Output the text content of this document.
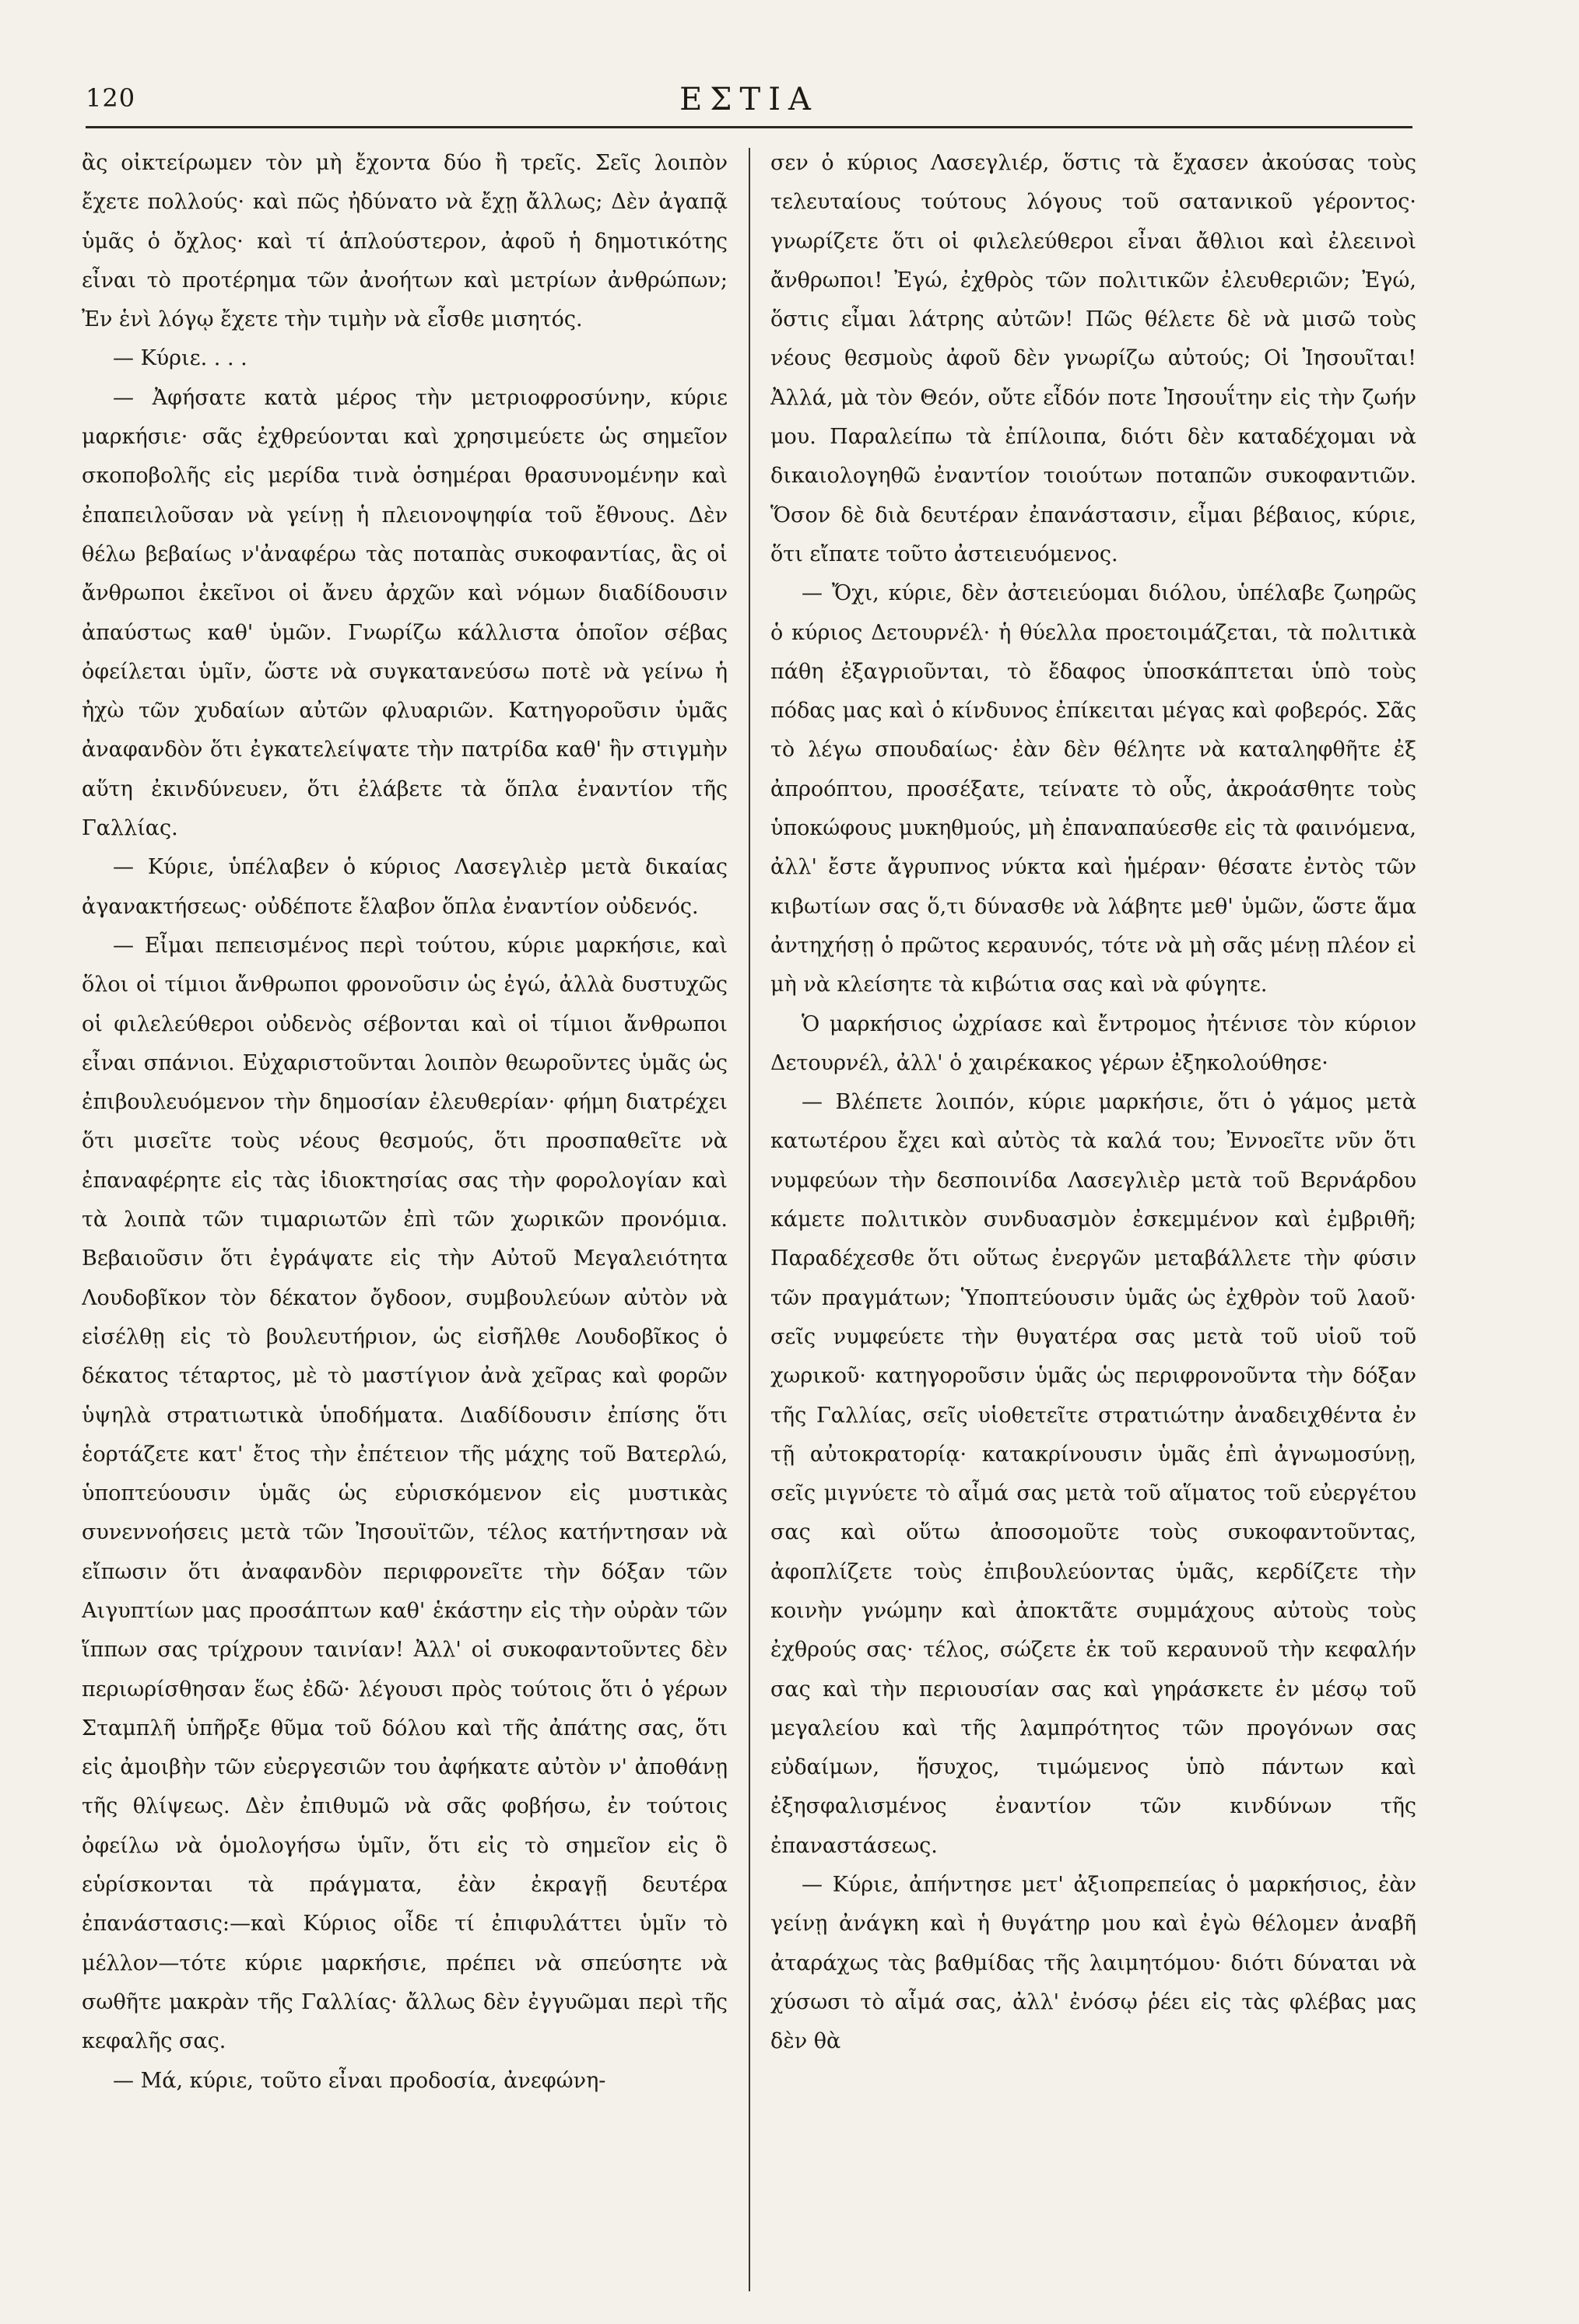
120	ΕΣΤΙΑ

ἂς οἰκτείρωμεν τὸν μὴ ἔχοντα δύο ἢ τρεῖς. Σεῖς λοιπὸν ἔχετε πολλούς· καὶ πῶς ἠδύνατο νὰ ἔχῃ ἄλλως; Δὲν ἀγαπᾷ ὑμᾶς ὁ ὄχλος· καὶ τί ἁπλούστερον, ἀφοῦ ἡ δημοτικότης εἶναι τὸ προτέρημα τῶν ἀνοήτων καὶ μετρίων ἀνθρώπων; Ἐν ἑνὶ λόγῳ ἔχετε τὴν τιμὴν νὰ εἶσθε μισητός.

— Κύριε. . . .

— Ἀφήσατε κατὰ μέρος τὴν μετριοφροσύνην, κύριε μαρκήσιε· σᾶς ἐχθρεύονται καὶ χρησιμεύετε ὡς σημεῖον σκοποβολῆς εἰς μερίδα τινὰ ὁσημέραι θρασυνομένην καὶ ἐπαπειλοῦσαν νὰ γείνῃ ἡ πλειονοψηφία τοῦ ἔθνους. Δὲν θέλω βεβαίως ν'ἀναφέρω τὰς ποταπὰς συκοφαντίας, ἃς οἱ ἄνθρωποι ἐκεῖνοι οἱ ἄνευ ἀρχῶν καὶ νόμων διαδίδουσιν ἀπαύστως καθ' ὑμῶν. Γνωρίζω κάλλιστα ὁποῖον σέβας ὀφείλεται ὑμῖν, ὥστε νὰ συγκατανεύσω ποτὲ νὰ γείνω ἡ ἠχὼ τῶν χυδαίων αὐτῶν φλυαριῶν. Κατηγοροῦσιν ὑμᾶς ἀναφανδὸν ὅτι ἐγκατελείψατε τὴν πατρίδα καθ' ἣν στιγμὴν αὕτη ἐκινδύνευεν, ὅτι ἐλάβετε τὰ ὅπλα ἐναντίον τῆς Γαλλίας.

— Κύριε, ὑπέλαβεν ὁ κύριος Λασεγλιὲρ μετὰ δικαίας ἀγανακτήσεως· οὐδέποτε ἔλαβον ὅπλα ἐναντίον οὐδενός.

— Εἶμαι πεπεισμένος περὶ τούτου, κύριε μαρκήσιε, καὶ ὅλοι οἱ τίμιοι ἄνθρωποι φρονοῦσιν ὡς ἐγώ, ἀλλὰ δυστυχῶς οἱ φιλελεύθεροι οὐδενὸς σέβονται καὶ οἱ τίμιοι ἄνθρωποι εἶναι σπάνιοι. Εὐχαριστοῦνται λοιπὸν θεωροῦντες ὑμᾶς ὡς ἐπιβουλευόμενον τὴν δημοσίαν ἐλευθερίαν· φήμη διατρέχει ὅτι μισεῖτε τοὺς νέους θεσμούς, ὅτι προσπαθεῖτε νὰ ἐπαναφέρητε εἰς τὰς ἰδιοκτησίας σας τὴν φορολογίαν καὶ τὰ λοιπὰ τῶν τιμαριωτῶν ἐπὶ τῶν χωρικῶν προνόμια. Βεβαιοῦσιν ὅτι ἐγράψατε εἰς τὴν Αὐτοῦ Μεγαλειότητα Λουδοβῖκον τὸν δέκατον ὄγδοον, συμβουλεύων αὐτὸν νὰ εἰσέλθῃ εἰς τὸ βουλευτήριον, ὡς εἰσῆλθε Λουδοβῖκος ὁ δέκατος τέταρτος, μὲ τὸ μαστίγιον ἀνὰ χεῖρας καὶ φορῶν ὑψηλὰ στρατιωτικὰ ὑποδήματα. Διαδίδουσιν ἐπίσης ὅτι ἑορτάζετε κατ' ἔτος τὴν ἐπέτειον τῆς μάχης τοῦ Βατερλώ, ὑποπτεύουσιν ὑμᾶς ὡς εὑρισκόμενον εἰς μυστικὰς συνεννοήσεις μετὰ τῶν Ἰησουϊτῶν, τέλος κατήντησαν νὰ εἴπωσιν ὅτι ἀναφανδὸν περιφρονεῖτε τὴν δόξαν τῶν Αιγυπτίων μας προσάπτων καθ' ἑκάστην εἰς τὴν οὐρὰν τῶν ἵππων σας τρίχρουν ταινίαν! Ἀλλ' οἱ συκοφαντοῦντες δὲν περιωρίσθησαν ἕως ἐδῶ· λέγουσι πρὸς τούτοις ὅτι ὁ γέρων Σταμπλῆ ὑπῆρξε θῦμα τοῦ δόλου καὶ τῆς ἀπάτης σας, ὅτι εἰς ἀμοιβὴν τῶν εὐεργεσιῶν του ἀφήκατε αὐτὸν ν' ἀποθάνῃ τῆς θλίψεως. Δὲν ἐπιθυμῶ νὰ σᾶς φοβήσω, ἐν τούτοις ὀφείλω νὰ ὁμολογήσω ὑμῖν, ὅτι εἰς τὸ σημεῖον εἰς ὃ εὑρίσκονται τὰ πράγματα, ἐὰν ἐκραγῇ δευτέρα ἐπανάστασις:—καὶ Κύριος οἶδε τί ἐπιφυλάττει ὑμῖν τὸ μέλλον—τότε κύριε μαρκήσιε, πρέπει νὰ σπεύσητε νὰ σωθῆτε μακρὰν τῆς Γαλλίας· ἄλλως δὲν ἐγγυῶμαι περὶ τῆς κεφαλῆς σας.

— Μά, κύριε, τοῦτο εἶναι προδοσία, ἀνεφώνη-

σεν ὁ κύριος Λασεγλιέρ, ὅστις τὰ ἔχασεν ἀκούσας τοὺς τελευταίους τούτους λόγους τοῦ σατανικοῦ γέροντος· γνωρίζετε ὅτι οἱ φιλελεύθεροι εἶναι ἄθλιοι καὶ ἐλεεινοὶ ἄνθρωποι! Ἐγώ, ἐχθρὸς τῶν πολιτικῶν ἐλευθεριῶν; Ἐγώ, ὅστις εἶμαι λάτρης αὐτῶν! Πῶς θέλετε δὲ νὰ μισῶ τοὺς νέους θεσμοὺς ἀφοῦ δὲν γνωρίζω αὐτούς; Οἱ Ἰησουῖται! Ἀλλά, μὰ τὸν Θεόν, οὔτε εἶδόν ποτε Ἰησουΐτην εἰς τὴν ζωήν μου. Παραλείπω τὰ ἐπίλοιπα, διότι δὲν καταδέχομαι νὰ δικαιολογηθῶ ἐναντίον τοιούτων ποταπῶν συκοφαντιῶν. Ὅσον δὲ διὰ δευτέραν ἐπανάστασιν, εἶμαι βέβαιος, κύριε, ὅτι εἴπατε τοῦτο ἀστειευόμενος.

— Ὄχι, κύριε, δὲν ἀστειεύομαι διόλου, ὑπέλαβε ζωηρῶς ὁ κύριος Δετουρνέλ· ἡ θύελλα προετοιμάζεται, τὰ πολιτικὰ πάθη ἐξαγριοῦνται, τὸ ἔδαφος ὑποσκάπτεται ὑπὸ τοὺς πόδας μας καὶ ὁ κίνδυνος ἐπίκειται μέγας καὶ φοβερός. Σᾶς τὸ λέγω σπουδαίως· ἐὰν δὲν θέλητε νὰ καταληφθῆτε ἐξ ἀπροόπτου, προσέξατε, τείνατε τὸ οὖς, ἀκροάσθητε τοὺς ὑποκώφους μυκηθμούς, μὴ ἐπαναπαύεσθε εἰς τὰ φαινόμενα, ἀλλ' ἔστε ἄγρυπνος νύκτα καὶ ἡμέραν· θέσατε ἐντὸς τῶν κιβωτίων σας ὅ,τι δύνασθε νὰ λάβητε μεθ' ὑμῶν, ὥστε ἅμα ἀντηχήσῃ ὁ πρῶτος κεραυνός, τότε νὰ μὴ σᾶς μένῃ πλέον εἰ μὴ νὰ κλείσητε τὰ κιβώτια σας καὶ νὰ φύγητε.

Ὁ μαρκήσιος ὠχρίασε καὶ ἔντρομος ἠτένισε τὸν κύριον Δετουρνέλ, ἀλλ' ὁ χαιρέκακος γέρων ἐξηκολούθησε·

— Βλέπετε λοιπόν, κύριε μαρκήσιε, ὅτι ὁ γάμος μετὰ κατωτέρου ἔχει καὶ αὐτὸς τὰ καλά του; Ἐννοεῖτε νῦν ὅτι νυμφεύων τὴν δεσποινίδα Λασεγλιὲρ μετὰ τοῦ Βερνάρδου κάμετε πολιτικὸν συνδυασμὸν ἐσκεμμένον καὶ ἐμβριθῆ; Παραδέχεσθε ὅτι οὕτως ἐνεργῶν μεταβάλλετε τὴν φύσιν τῶν πραγμάτων; Ὑποπτεύουσιν ὑμᾶς ὡς ἐχθρὸν τοῦ λαοῦ· σεῖς νυμφεύετε τὴν θυγατέρα σας μετὰ τοῦ υἱοῦ τοῦ χωρικοῦ· κατηγοροῦσιν ὑμᾶς ὡς περιφρονοῦντα τὴν δόξαν τῆς Γαλλίας, σεῖς υἱοθετεῖτε στρατιώτην ἀναδειχθέντα ἐν τῇ αὐτοκρατορίᾳ· κατακρίνουσιν ὑμᾶς ἐπὶ ἀγνωμοσύνῃ, σεῖς μιγνύετε τὸ αἷμά σας μετὰ τοῦ αἵματος τοῦ εὐεργέτου σας καὶ οὕτω ἀποσομοῦτε τοὺς συκοφαντοῦντας, ἀφοπλίζετε τοὺς ἐπιβουλεύοντας ὑμᾶς, κερδίζετε τὴν κοινὴν γνώμην καὶ ἀποκτᾶτε συμμάχους αὐτοὺς τοὺς ἐχθρούς σας· τέλος, σώζετε ἐκ τοῦ κεραυνοῦ τὴν κεφαλήν σας καὶ τὴν περιουσίαν σας καὶ γηράσκετε ἐν μέσῳ τοῦ μεγαλείου καὶ τῆς λαμπρότητος τῶν προγόνων σας εὐδαίμων, ἥσυχος, τιμώμενος ὑπὸ πάντων καὶ ἐξησφαλισμένος ἐναντίον τῶν κινδύνων τῆς ἐπαναστάσεως.

— Κύριε, ἀπήντησε μετ' ἀξιοπρεπείας ὁ μαρκήσιος, ἐὰν γείνῃ ἀνάγκη καὶ ἡ θυγάτηρ μου καὶ ἐγὼ θέλομεν ἀναβῆ ἀταράχως τὰς βαθμίδας τῆς λαιμητόμου· διότι δύναται νὰ χύσωσι τὸ αἷμά σας, ἀλλ' ἐνόσῳ ῥέει εἰς τὰς φλέβας μας δὲν θὰ
